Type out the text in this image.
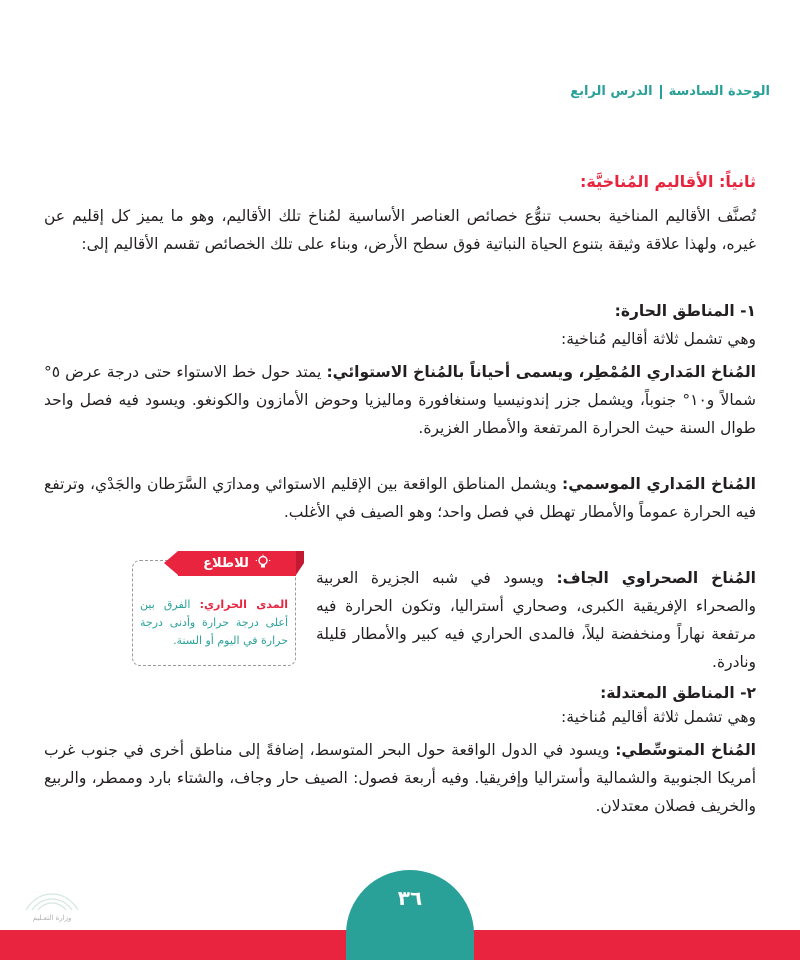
الوحدة السادسةالدرس الرابع
ثانياً: الأقاليم المُناخيَّة:
تُصنَّف الأقاليم المناخية بحسب تنوُّع خصائص العناصر الأساسية لمُناخ تلك الأقاليم، وهو ما يميز كل إقليم عن غيره، ولهذا علاقة وثيقة بتنوع الحياة النباتية فوق سطح الأرض، وبناء على تلك الخصائص تقسم الأقاليم إلى:
١- المناطق الحارة:
وهي تشمل ثلاثة أقاليم مُناخية:
المُناخ المَداري المُمْطِر، ويسمى أحياناً بالمُناخ الاستوائي: يمتد حول خط الاستواء حتى درجة عرض ٥° شمالاً و١٠° جنوباً، ويشمل جزر إندونيسيا وسنغافورة وماليزيا وحوض الأمازون والكونغو. ويسود فيه فصل واحد طوال السنة حيث الحرارة المرتفعة والأمطار الغزيرة.
المُناخ المَداري الموسمي: ويشمل المناطق الواقعة بين الإقليم الاستوائي ومدارَي السَّرَطان والجَدْي، وترتفع فيه الحرارة عموماً والأمطار تهطل في فصل واحد؛ وهو الصيف في الأغلب.
المُناخ الصحراوي الجاف: ويسود في شبه الجزيرة العربية والصحراء الإفريقية الكبرى، وصحاري أستراليا، وتكون الحرارة فيه مرتفعة نهاراً ومنخفضة ليلاً، فالمدى الحراري فيه كبير والأمطار قليلة ونادرة.
للاطلاع
المدى الحراري: الفرق بين أعلى درجة حرارة وأدنى درجة حرارة في اليوم أو السنة.
٢- المناطق المعتدلة:
وهي تشمل ثلاثة أقاليم مُناخية:
المُناخ المتوسِّطي: ويسود في الدول الواقعة حول البحر المتوسط، إضافةً إلى مناطق أخرى في جنوب غرب أمريكا الجنوبية والشمالية وأستراليا وإفريقيا. وفيه أربعة فصول: الصيف حار وجاف، والشتاء بارد وممطر، والربيع والخريف فصلان معتدلان.
٣٦
وزارة التعـليم
